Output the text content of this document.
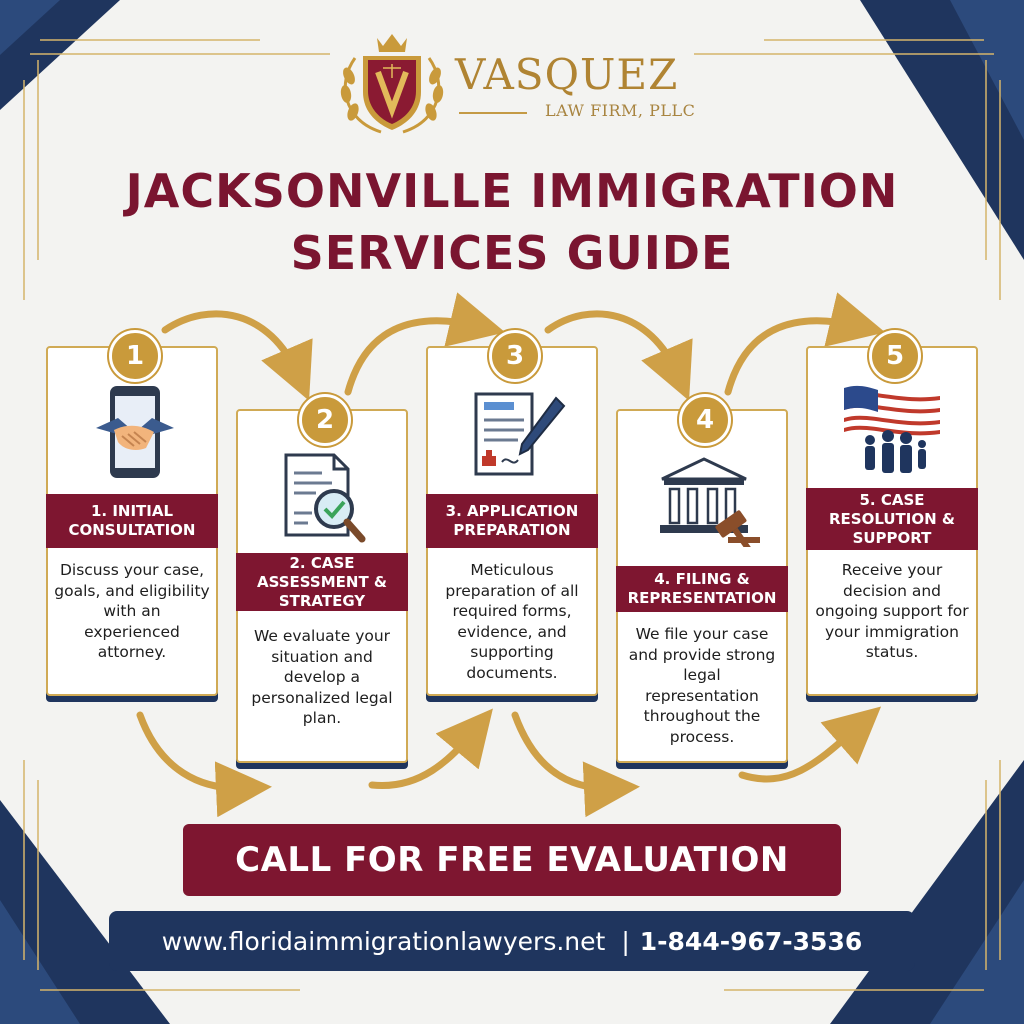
VASQUEZ
LAW FIRM, PLLC
JACKSONVILLE IMMIGRATION
SERVICES GUIDE
1. INITIAL CONSULTATION
Discuss your case, goals, and eligibility with an experienced attorney.
1
2. CASE ASSESSMENT & STRATEGY
We evaluate your situation and develop a personalized legal plan.
2
3. APPLICATION PREPARATION
Meticulous preparation of all required forms, evidence, and supporting documents.
3
4. FILING & REPRESENTATION
We file your case and provide strong legal representation throughout the process.
4
5. CASE RESOLUTION & SUPPORT
Receive your decision and ongoing support for your immigration status.
5
CALL FOR FREE EVALUATION
www.floridaimmigrationlawyers.net | 1-844-967-3536
